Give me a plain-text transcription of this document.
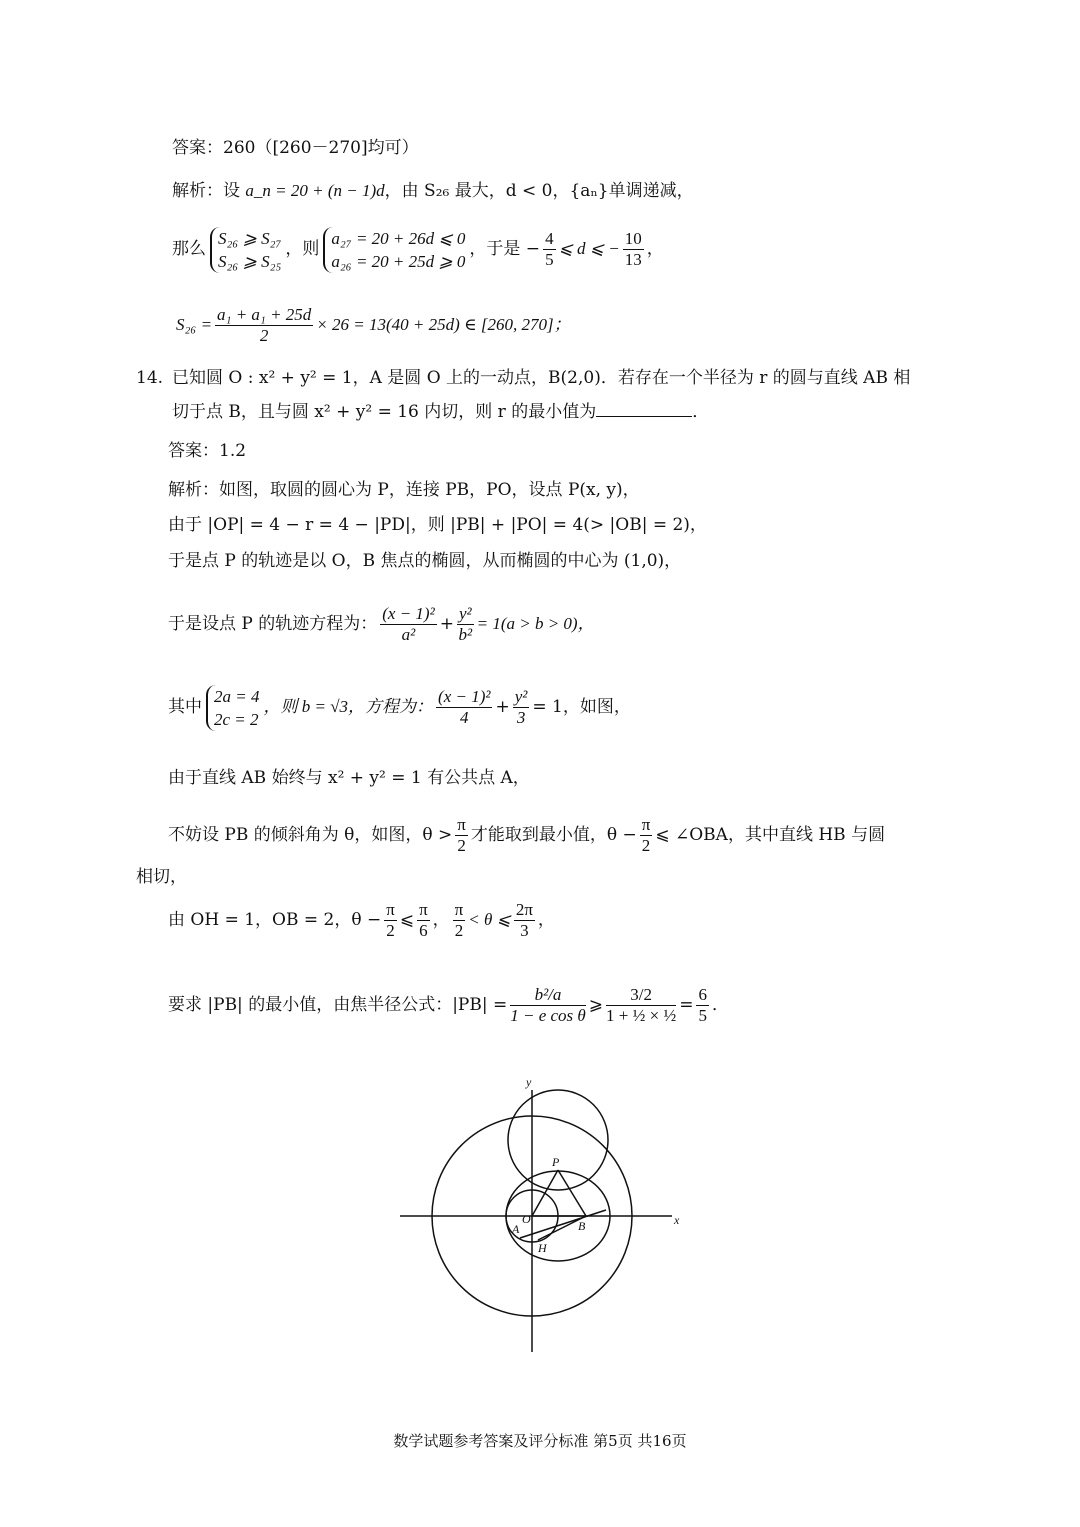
答案：260（[260－270]均可）
解析：设 a_n = 20 + (n − 1)d，由 S₂₆ 最大，d < 0，{aₙ}单调递减，
那么
S₂₆ ⩾ S₂₇
S₂₆ ⩾ S₂₅
，则
a₂₇ = 20 + 26d ⩽ 0
a₂₆ = 20 + 25d ⩾ 0
，于是 − $\frac{4}{5}$ ⩽ d ⩽ − $\frac{10}{13}$ ，
$S_{26} = \frac{\text{a₁ + a₁ + 25d}}{2} \times 26 = 13(40 + 25d)$ ∈ [260, 270]；
14. 已知圆 O : x² + y² = 1，A 是圆 O 上的一动点，B(2,0)．若存在一个半径为 r 的圆与直线 AB 相
切于点 B，且与圆 x² + y² = 16 内切，则 r 的最小值为	．
答案：1.2
解析：如图，取圆的圆心为 P，连接 PB，PO，设点 P(x, y)，
由于 |OP| = 4 − r = 4 − |PD|，则 |PB| + |PO| = 4(> |OB| = 2)，
于是点 P 的轨迹是以 O，B 焦点的椭圆，从而椭圆的中心为 (1,0)，
于是设点 P 的轨迹方程为： $\frac{\text{(x − 1)²}}{\text{a²}} + \frac{\text{y²}}{\text{b²}} = 1(a > b > 0)$，
其中
2a = 4
2c = 2
，则 b = √3，方程为： $\frac{\text{(x − 1)²}}{4} + \frac{\text{y²}}{3} = 1$，如图，
由于直线 AB 始终与 x² + y² = 1 有公共点 A，
不妨设 PB 的倾斜角为 θ，如图，$\theta > \frac{\pi}{2}$ 才能取到最小值，$\theta - \frac{\pi}{2}$ ⩽ ∠OBA，其中直线 HB 与圆
相切，
由 OH = 1，OB = 2，$\theta - \frac{\pi}{2}$ ⩽ $\frac{\pi}{6}$ ， $\frac{\pi}{2} < \theta$ ⩽ $\frac{2\pi}{3}$ ，
要求 |PB| 的最小值，由焦半径公式：$|PB| = \frac{\text{b²/a}}{\text{1 − e cos θ}}$ ⩾ $\frac{3/2}{\text{1 + ½ × ½}} = \frac{6}{5}$ ．
y
x
P
O
A	B
H
数学试题参考答案及评分标准 第5页 共16页
